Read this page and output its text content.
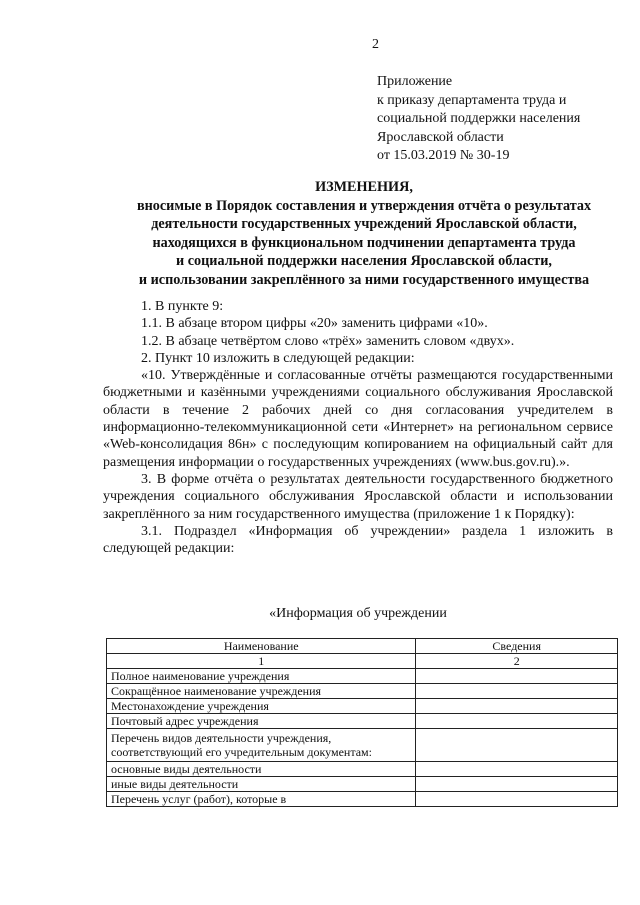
2
Приложение
к приказу департамента труда и
социальной поддержки населения
Ярославской области
от 15.03.2019 № 30-19
ИЗМЕНЕНИЯ,
вносимые в Порядок составления и утверждения отчёта о результатах
деятельности государственных учреждений Ярославской области,
находящихся в функциональном подчинении департамента труда
и социальной поддержки населения Ярославской области,
и использовании закреплённого за ними государственного имущества

1. В пункте 9:

1.1. В абзаце втором цифры «20» заменить цифрами «10».

1.2. В абзаце четвёртом слово «трёх» заменить словом «двух».

2. Пункт 10 изложить в следующей редакции:

«10. Утверждённые и согласованные отчёты размещаются государственными бюджетными и казёнными учреждениями социального обслуживания Ярославской области в течение 2 рабочих дней со дня согласования учредителем в информационно-телекоммуникационной сети «Интернет» на региональном сервисе «Web-консолидация 86н» с последующим копированием на официальный сайт для размещения информации о государственных учреждениях (www.bus.gov.ru).».

3. В форме отчёта о результатах деятельности государственного бюджетного учреждения социального обслуживания Ярославской области и использовании закреплённого за ним государственного имущества (приложение 1 к Порядку):

3.1. Подраздел «Информация об учреждении» раздела 1 изложить в следующей редакции:

«Информация об учреждении
Наименование	Сведения
1	2
Полное наименование учреждения	
Сокращённое наименование учреждения	
Местонахождение учреждения	
Почтовый адрес учреждения	
Перечень видов деятельности учреждения, соответствующий его учредительным документам:	
основные виды деятельности	
иные виды деятельности	
Перечень услуг (работ), которые в	
